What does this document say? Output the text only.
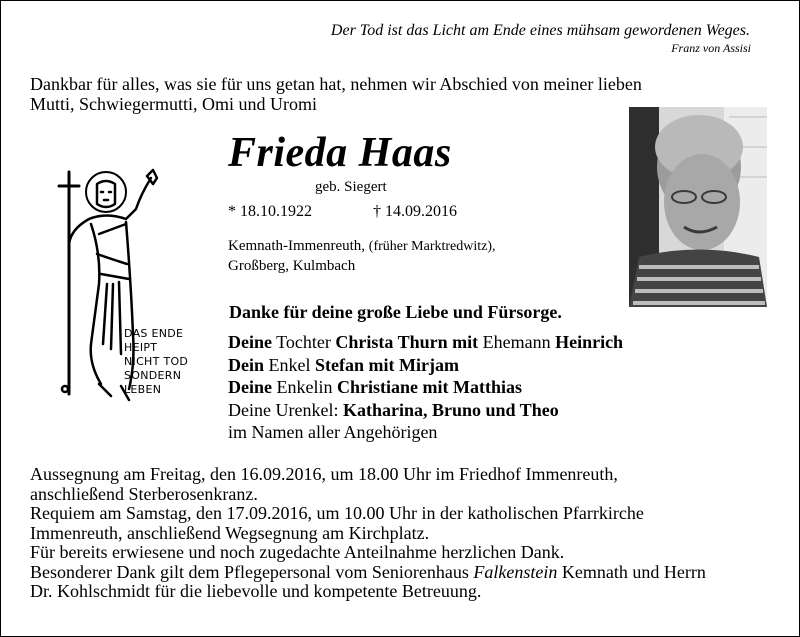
Der Tod ist das Licht am Ende eines mühsam gewordenen Weges.
Franz von Assisi
Dankbar für alles, was sie für uns getan hat, nehmen wir Abschied von meiner lieben
Mutti, Schwiegermutti, Omi und Uromi
Frieda Haas
geb. Siegert
* 18.10.1922	† 14.09.2016
Kemnath-Immenreuth, (früher Marktredwitz),
Großberg, Kulmbach
DAS ENDE
HEIPT
NICHT TOD
SONDERN
LEBEN
Danke für deine große Liebe und Fürsorge.
Deine Tochter Christa Thurn mit Ehemann Heinrich
Dein Enkel Stefan mit Mirjam
Deine Enkelin Christiane mit Matthias
Deine Urenkel: Katharina, Bruno und Theo
im Namen aller Angehörigen
Aussegnung am Freitag, den 16.09.2016, um 18.00 Uhr im Friedhof Immenreuth,
anschließend Sterberosenkranz.
Requiem am Samstag, den 17.09.2016, um 10.00 Uhr in der katholischen Pfarrkirche
Immenreuth, anschließend Wegsegnung am Kirchplatz.
Für bereits erwiesene und noch zugedachte Anteilnahme herzlichen Dank.
Besonderer Dank gilt dem Pflegepersonal vom Seniorenhaus Falkenstein Kemnath und Herrn
Dr. Kohlschmidt für die liebevolle und kompetente Betreuung.
